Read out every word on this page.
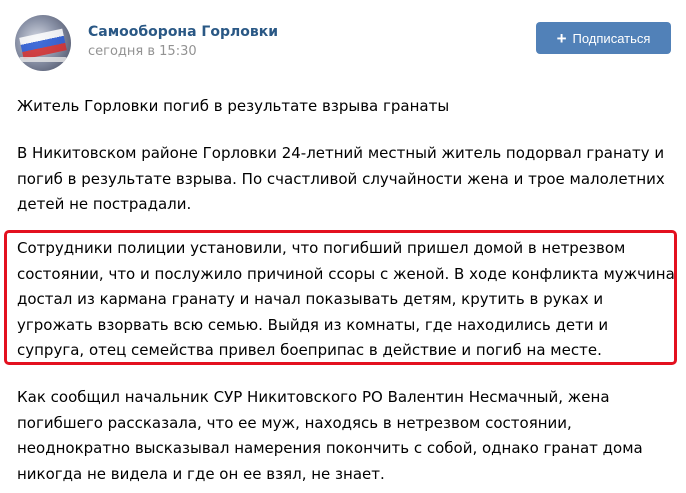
Самооборона Горловки
сегодня в 15:30
+ Подписаться
Житель Горловки погиб в результате взрыва гранаты
В Никитовском районе Горловки 24-летний местный житель подорвал гранату и погиб в результате взрыва. По счастливой случайности жена и трое малолетних детей не пострадали.
Сотрудники полиции установили, что погибший пришел домой в нетрезвом состоянии, что и послужило причиной ссоры с женой. В ходе конфликта мужчина достал из кармана гранату и начал показывать детям, крутить в руках и угрожать взорвать всю семью. Выйдя из комнаты, где находились дети и супруга, отец семейства привел боеприпас в действие и погиб на месте.
Как сообщил начальник СУР Никитовского РО Валентин Несмачный, жена погибшего рассказала, что ее муж, находясь в нетрезвом состоянии, неоднократно высказывал намерения покончить с собой, однако гранат дома никогда не видела и где он ее взял, не знает.
